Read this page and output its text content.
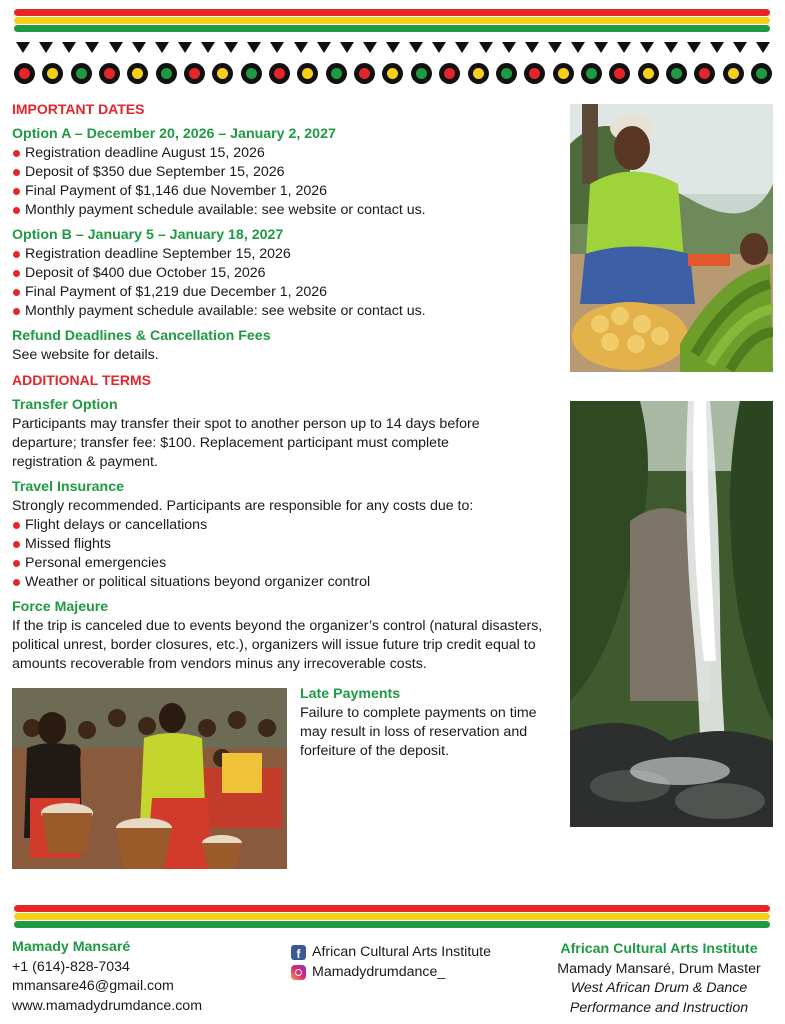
IMPORTANT DATES
Option A – December 20, 2026 – January 2, 2027
Registration deadline August 15, 2026
Deposit of $350 due September 15, 2026
Final Payment of $1,146 due November 1, 2026
Monthly payment schedule available: see website or contact us.
Option B – January 5 – January 18, 2027
Registration deadline September 15, 2026
Deposit of $400 due October 15, 2026
Final Payment of $1,219 due December 1, 2026
Monthly payment schedule available: see website or contact us.
Refund Deadlines & Cancellation Fees
See website for details.
ADDITIONAL TERMS
Transfer Option
Participants may transfer their spot to another person up to 14 days before
departure; transfer fee: $100. Replacement participant must complete
registration & payment.
Travel Insurance
Strongly recommended. Participants are responsible for any costs due to:
Flight delays or cancellations
Missed flights
Personal emergencies
Weather or political situations beyond organizer control
Force Majeure
If the trip is canceled due to events beyond the organizer’s control (natural disasters,
political unrest, border closures, etc.), organizers will issue future trip credit equal to
amounts recoverable from vendors minus any irrecoverable costs.
Late Payments
Failure to complete payments on time
may result in loss of reservation and
forfeiture of the deposit.
Mamady Mansaré
+1 (614)-828-7034
mmansare46@gmail.com
www.mamadydrumdance.com
f African Cultural Arts Institute
Mamadydrumdance_
African Cultural Arts Institute
Mamady Mansaré, Drum Master
West African Drum & Dance
Performance and Instruction
